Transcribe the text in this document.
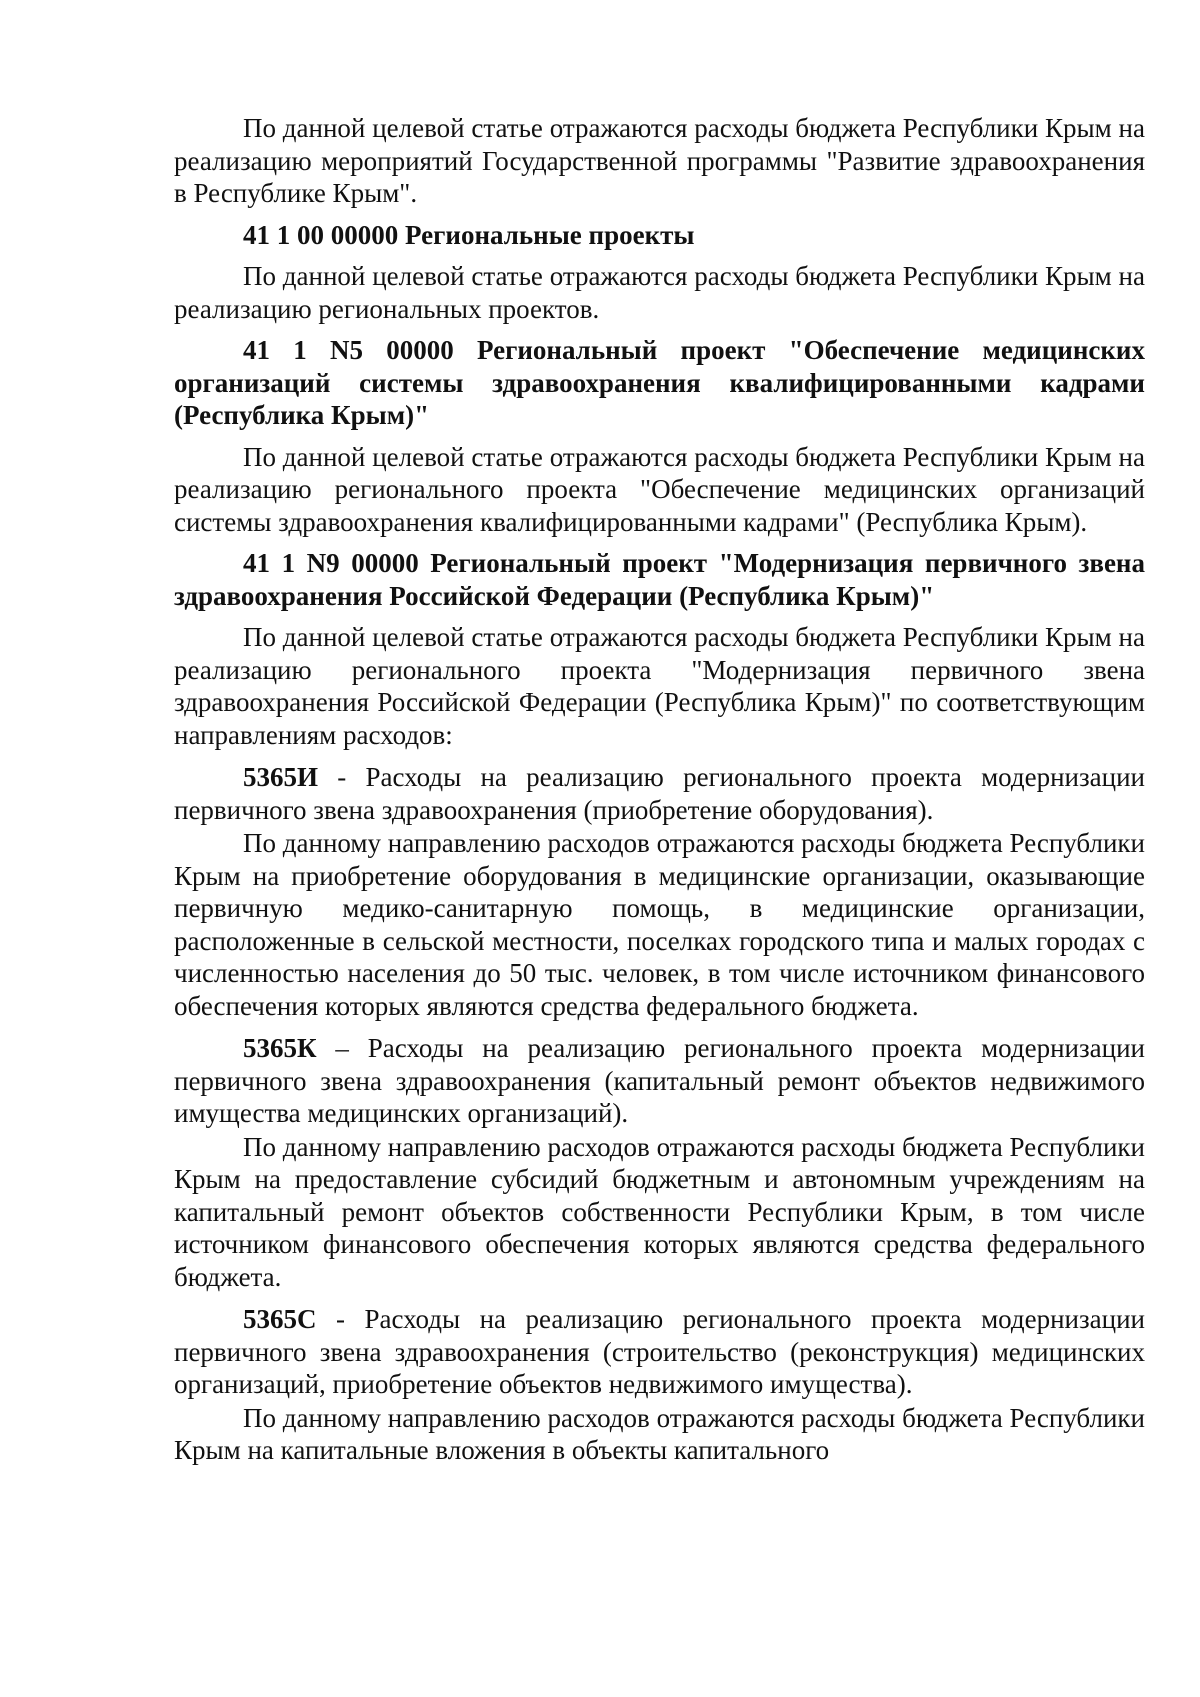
По данной целевой статье отражаются расходы бюджета Республики Крым на реализацию мероприятий Государственной программы "Развитие здравоохранения в Республике Крым".

41 1 00 00000 Региональные проекты

По данной целевой статье отражаются расходы бюджета Республики Крым на реализацию региональных проектов.

41 1 N5 00000 Региональный проект "Обеспечение медицинских организаций системы здравоохранения квалифицированными кадрами (Республика Крым)"

По данной целевой статье отражаются расходы бюджета Республики Крым на реализацию регионального проекта "Обеспечение медицинских организаций системы здравоохранения квалифицированными кадрами" (Республика Крым).

41 1 N9 00000 Региональный проект "Модернизация первичного звена здравоохранения Российской Федерации (Республика Крым)"

По данной целевой статье отражаются расходы бюджета Республики Крым на реализацию регионального проекта "Модернизация первичного звена здравоохранения Российской Федерации (Республика Крым)" по соответствующим направлениям расходов:

5365И - Расходы на реализацию регионального проекта модернизации первичного звена здравоохранения (приобретение оборудования).

По данному направлению расходов отражаются расходы бюджета Республики Крым на приобретение оборудования в медицинские организации, оказывающие первичную медико-санитарную помощь, в медицинские организации, расположенные в сельской местности, поселках городского типа и малых городах с численностью населения до 50 тыс. человек, в том числе источником финансового обеспечения которых являются средства федерального бюджета.

5365К – Расходы на реализацию регионального проекта модернизации первичного звена здравоохранения (капитальный ремонт объектов недвижимого имущества медицинских организаций).

По данному направлению расходов отражаются расходы бюджета Республики Крым на предоставление субсидий бюджетным и автономным учреждениям на капитальный ремонт объектов собственности Республики Крым, в том числе источником финансового обеспечения которых являются средства федерального бюджета.

5365С - Расходы на реализацию регионального проекта модернизации первичного звена здравоохранения (строительство (реконструкция) медицинских организаций, приобретение объектов недвижимого имущества).

По данному направлению расходов отражаются расходы бюджета Республики Крым на капитальные вложения в объекты капитального
